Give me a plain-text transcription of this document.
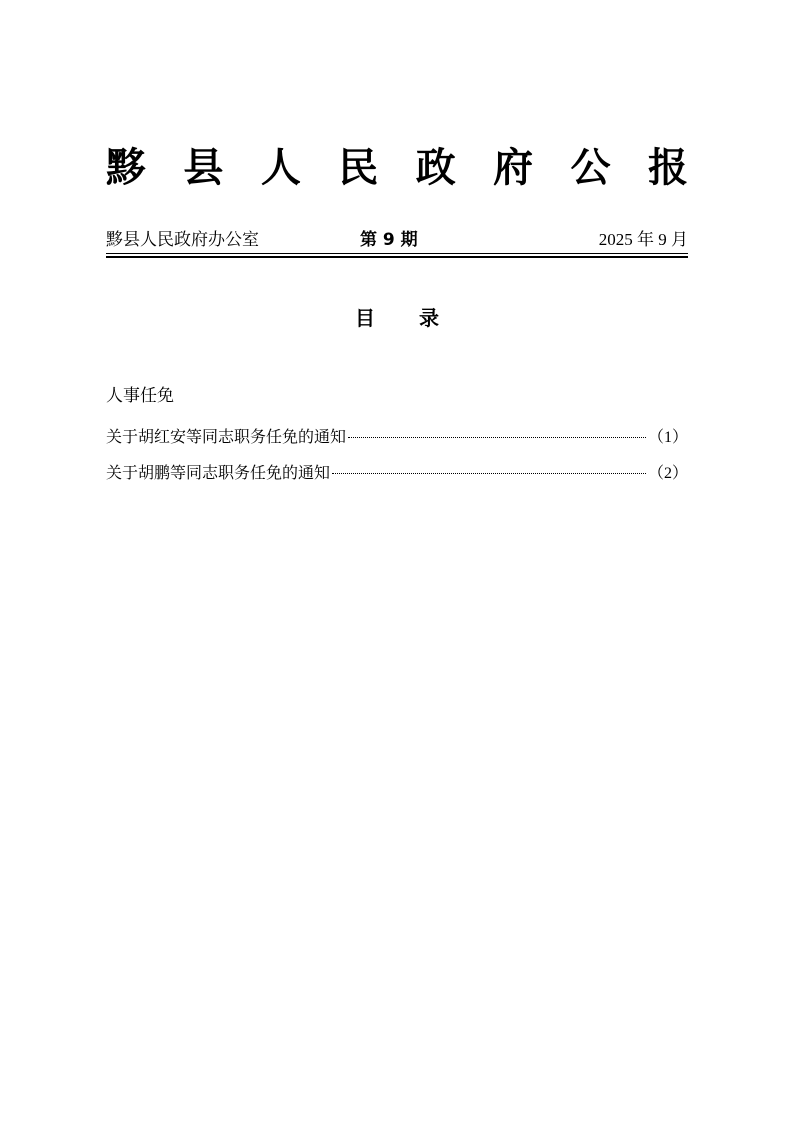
黟 县 人 民 政 府 公 报
黟县人民政府办公室	第 9 期	2025 年 9 月
目录
人事任免
关于胡红安等同志职务任免的通知	（1）
关于胡鹏等同志职务任免的通知	（2）
